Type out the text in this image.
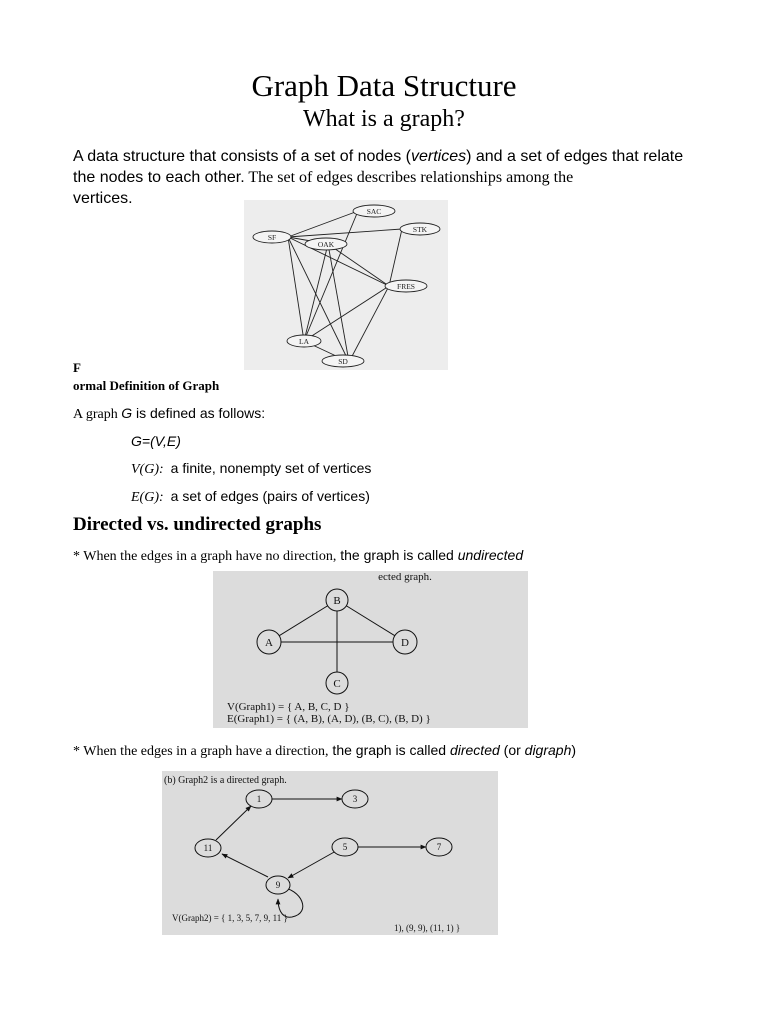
Graph Data Structure
What is a graph?
A data structure that consists of a set of nodes (vertices) and a set of edges that relate the nodes to each other. The set of edges describes relationships among the
vertices.
SAC
SF
STK
OAK
FRES
LA
SD
F
ormal Definition of Graph
A graph G is defined as follows:
G=(V,E)
V(G): a finite, nonempty set of vertices
E(G): a set of edges (pairs of vertices)
Directed vs. undirected graphs
* When the edges in a graph have no direction, the graph is called undirected
ected graph.
B
A	D
C
V(Graph1) = { A, B, C, D }
E(Graph1) = { (A, B), (A, D), (B, C), (B, D) }
* When the edges in a graph have a direction, the graph is called directed (or digraph)
(b) Graph2 is a directed graph.
1	3
11	5	7
9
V(Graph2) = { 1, 3, 5, 7, 9, 11 }
1), (9, 9), (11, 1) }
